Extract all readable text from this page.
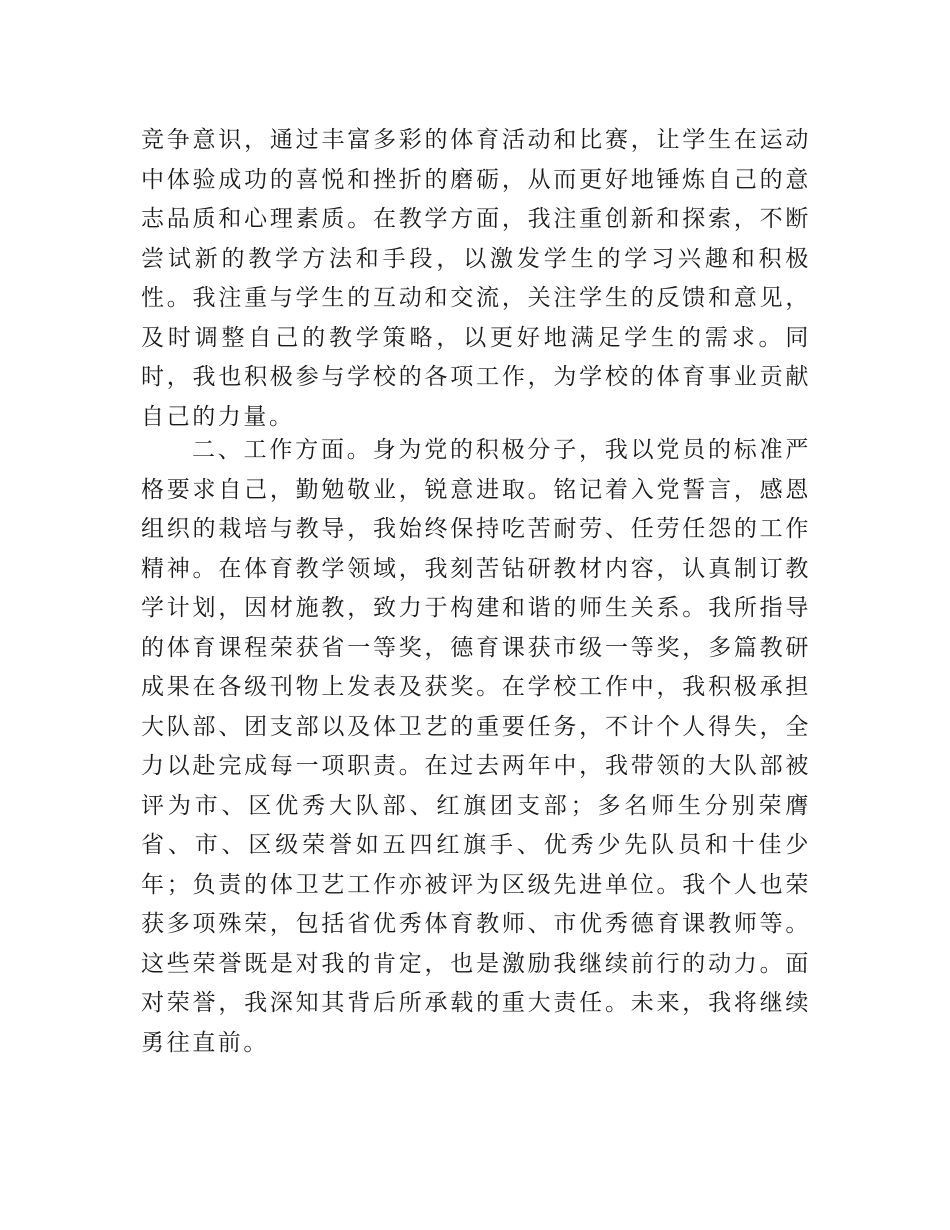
竞争意识，通过丰富多彩的体育活动和比赛，让学生在运动中体验成功的喜悦和挫折的磨砺，从而更好地锤炼自己的意志品质和心理素质。在教学方面，我注重创新和探索，不断尝试新的教学方法和手段，以激发学生的学习兴趣和积极性。我注重与学生的互动和交流，关注学生的反馈和意见，及时调整自己的教学策略，以更好地满足学生的需求。同时，我也积极参与学校的各项工作，为学校的体育事业贡献自己的力量。

二、工作方面。身为党的积极分子，我以党员的标准严格要求自己，勤勉敬业，锐意进取。铭记着入党誓言，感恩组织的栽培与教导，我始终保持吃苦耐劳、任劳任怨的工作精神。在体育教学领域，我刻苦钻研教材内容，认真制订教学计划，因材施教，致力于构建和谐的师生关系。我所指导的体育课程荣获省一等奖，德育课获市级一等奖，多篇教研成果在各级刊物上发表及获奖。在学校工作中，我积极承担大队部、团支部以及体卫艺的重要任务，不计个人得失，全力以赴完成每一项职责。在过去两年中，我带领的大队部被评为市、区优秀大队部、红旗团支部；多名师生分别荣膺省、市、区级荣誉如五四红旗手、优秀少先队员和十佳少年；负责的体卫艺工作亦被评为区级先进单位。我个人也荣获多项殊荣，包括省优秀体育教师、市优秀德育课教师等。这些荣誉既是对我的肯定，也是激励我继续前行的动力。面对荣誉，我深知其背后所承载的重大责任。未来，我将继续勇往直前。
